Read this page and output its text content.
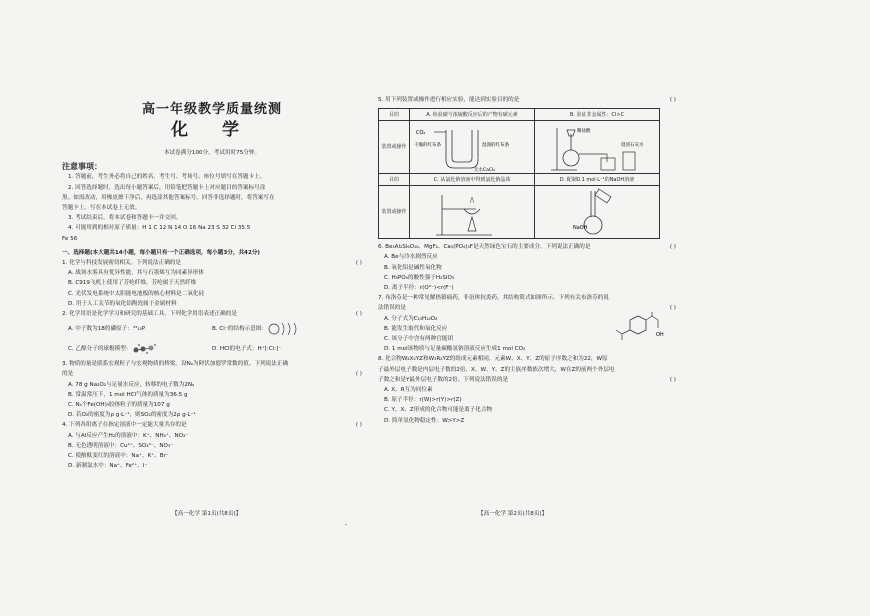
高一年级教学质量统测
化 学
本试卷满分100分，考试用时75分钟。
注意事项：
1. 答题前，考生务必将自己的姓名、考生号、考场号、座位号填写在答题卡上。
2. 回答选择题时，选出每小题答案后，用铅笔把答题卡上对应题目的答案标号涂
黑。如需改动，用橡皮擦干净后，再选涂其他答案标号。回答非选择题时，将答案写在
答题卡上。写在本试卷上无效。
3. 考试结束后，将本试卷和答题卡一并交回。
4. 可能用到的相对原子质量：H 1 C 12 N 14 O 16 Na 23 S 32 Cl 35.5
Fe 56
一、选择题(本大题共14小题，每小题只有一个正确选项，每小题3分，共42分)
1. 化学与科技发展密切相关。下列说法正确的是	( )
A. 战场水雾具有优异性能，其与石墨烯互为同素异形体
B. C919飞机上使用了芳纶纤维，芳纶属于天然纤维
C. 光伏发电系统中太阳能电池板的核心材料是二氧化硅
D. 用于人工关节的氧化铝陶瓷属于金属材料
2. 化学用语是化学学习和研究的基础工具。下列化学用语表述正确的是	( )
A. 中子数为18的磷原子：³³₁₅P	B. Cl⁻的结构示意图：
C. 乙醇分子的球棍模型：	D. HCl的电子式：H⁺[:Cl:]⁻
3. 物质的量是联系宏观粒子与宏观物质的桥梁。设Nₐ为阿伏加德罗常数的值。下列说法正确
的是	( )
A. 78 g Na₂O₂与足量水反应，转移的电子数为2Nₐ
B. 常温常压下，1 mol HCl气体的质量为36.5 g
C. Nₐ个Fe(OH)₃胶体粒子的质量为107 g
D. 若O₂的密度为ρ g·L⁻¹，则SO₂的密度为2ρ g·L⁻¹
4. 下列各组离子在指定溶液中一定能大量共存的是	( )
A. 与Al反应产生H₂的溶液中：K⁺、NH₄⁺、NO₃⁻
B. 无色透明溶液中：Cu²⁺、SO₄²⁻、NO₃⁻
C. 使酚酞变红的溶液中：Na⁺、K⁺、Br⁻
D. 新制氯水中：Na⁺、Fe²⁺、I⁻
【高一化学 第1页(共8页)】
-
5. 用下列装置或操作进行相应实验，能达到实验目的的是	( )
目的	A. 检验碳与浓硫酸反应后的产物有碳元素	B. 验证非金属性：Cl>C
装置或操作	CO₂
干燥的红布条 湿润的红布条
无水CaCl₂	稀盐酸
澄清石灰水

目的	C. 从氯化钠溶液中得到氯化钠晶体	D. 配制0.1 mol·L⁻¹的NaOH溶液
装置或操作		NaOH
6. Be₃Al₂Si₆O₁₈、MgF₂、Ca₅(PO₄)₃F是天然绿色宝石的主要成分。下列说法正确的是	( )
A. Be与冷水剧烈反应
B. 氧化铝是碱性氧化物
C. H₃PO₄的酸性强于H₂SiO₃
D. 离子半径：r(O²⁻)<r(F⁻)
7. 布洛芬是一种常见解热镇痛药，非甾体抗炎药，其结构简式如图所示。下列有关布洛芬的说
法错误的是	( )
OH
A. 分子式为C₁₃H₁₈O₂
B. 能发生取代和氧化反应
C. 该分子中含有两种官能团
D. 1 mol该物质与足量碳酸氢钠溶液反应生成1 mol CO₂
8. 化合物W₂X₂YZ和W₃R₂YZ的组成元素相同，元素W、X、Y、Z的原子序数之和为22，W原
子最外层电子数是内层电子数的2倍，X、W、Y、Z的主族序数依次增大，W在Z的前两个外层电
子数之和是Y最外层电子数的2倍。下列说法错误的是	( )
A. X、R互为同位素
B. 原子半径：r(W)>r(Y)>r(Z)
C. Y、X、Z形成的化合物可能是离子化合物
D. 简单氢化物稳定性：W>Y>Z
【高一化学 第2页(共8页)】
